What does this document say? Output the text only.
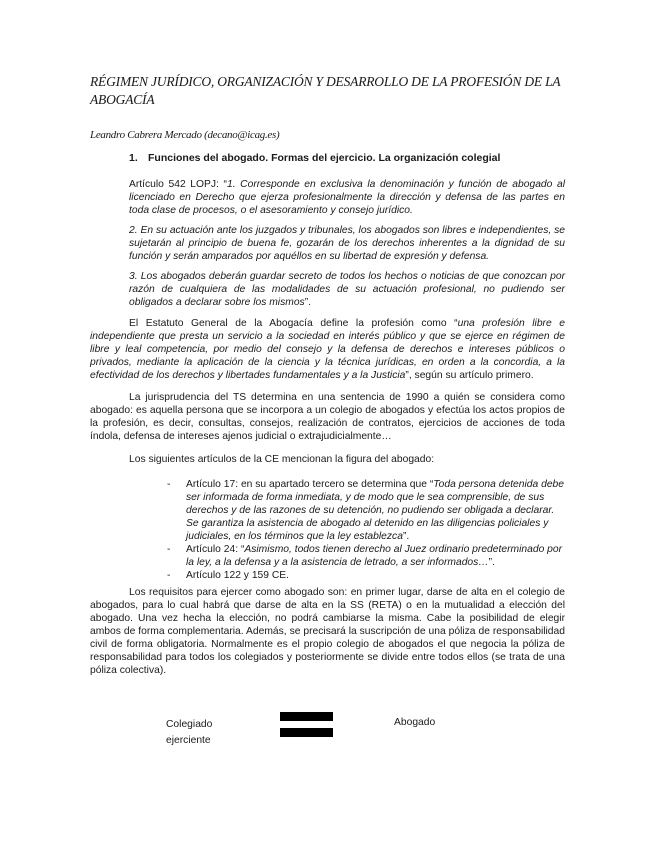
RÉGIMEN JURÍDICO, ORGANIZACIÓN Y DESARROLLO DE LA PROFESIÓN DE LA ABOGACÍA
Leandro Cabrera Mercado (decano@icag.es)
1. Funciones del abogado. Formas del ejercicio. La organización colegial

Artículo 542 LOPJ: “1. Corresponde en exclusiva la denominación y función de abogado al licenciado en Derecho que ejerza profesionalmente la dirección y defensa de las partes en toda clase de procesos, o el asesoramiento y consejo jurídico.

2. En su actuación ante los juzgados y tribunales, los abogados son libres e independientes, se sujetarán al principio de buena fe, gozarán de los derechos inherentes a la dignidad de su función y serán amparados por aquéllos en su libertad de expresión y defensa.

3. Los abogados deberán guardar secreto de todos los hechos o noticias de que conozcan por razón de cualquiera de las modalidades de su actuación profesional, no pudiendo ser obligados a declarar sobre los mismos”.

El Estatuto General de la Abogacía define la profesión como “una profesión libre e independiente que presta un servicio a la sociedad en interés público y que se ejerce en régimen de libre y leal competencia, por medio del consejo y la defensa de derechos e intereses públicos o privados, mediante la aplicación de la ciencia y la técnica jurídicas, en orden a la concordia, a la efectividad de los derechos y libertades fundamentales y a la Justicia”, según su artículo primero.

La jurisprudencia del TS determina en una sentencia de 1990 a quién se considera como abogado: es aquella persona que se incorpora a un colegio de abogados y efectúa los actos propios de la profesión, es decir, consultas, consejos, realización de contratos, ejercicios de acciones de toda índola, defensa de intereses ajenos judicial o extrajudicialmente…

Los siguientes artículos de la CE mencionan la figura del abogado:

- Artículo 17: en su apartado tercero se determina que “Toda persona detenida debe ser informada de forma inmediata, y de modo que le sea comprensible, de sus derechos y de las razones de su detención, no pudiendo ser obligada a declarar. Se garantiza la asistencia de abogado al detenido en las diligencias policiales y judiciales, en los términos que la ley establezca”.
- Artículo 24: “Asimismo, todos tienen derecho al Juez ordinario predeterminado por la ley, a la defensa y a la asistencia de letrado, a ser informados…”.
- Artículo 122 y 159 CE.

Los requisitos para ejercer como abogado son: en primer lugar, darse de alta en el colegio de abogados, para lo cual habrá que darse de alta en la SS (RETA) o en la mutualidad a elección del abogado. Una vez hecha la elección, no podrá cambiarse la misma. Cabe la posibilidad de elegir ambos de forma complementaria. Además, se precisará la suscripción de una póliza de responsabilidad civil de forma obligatoria. Normalmente es el propio colegio de abogados el que negocia la póliza de responsabilidad para todos los colegiados y posteriormente se divide entre todos ellos (se trata de una póliza colectiva).

Colegiado ejerciente
Abogado
